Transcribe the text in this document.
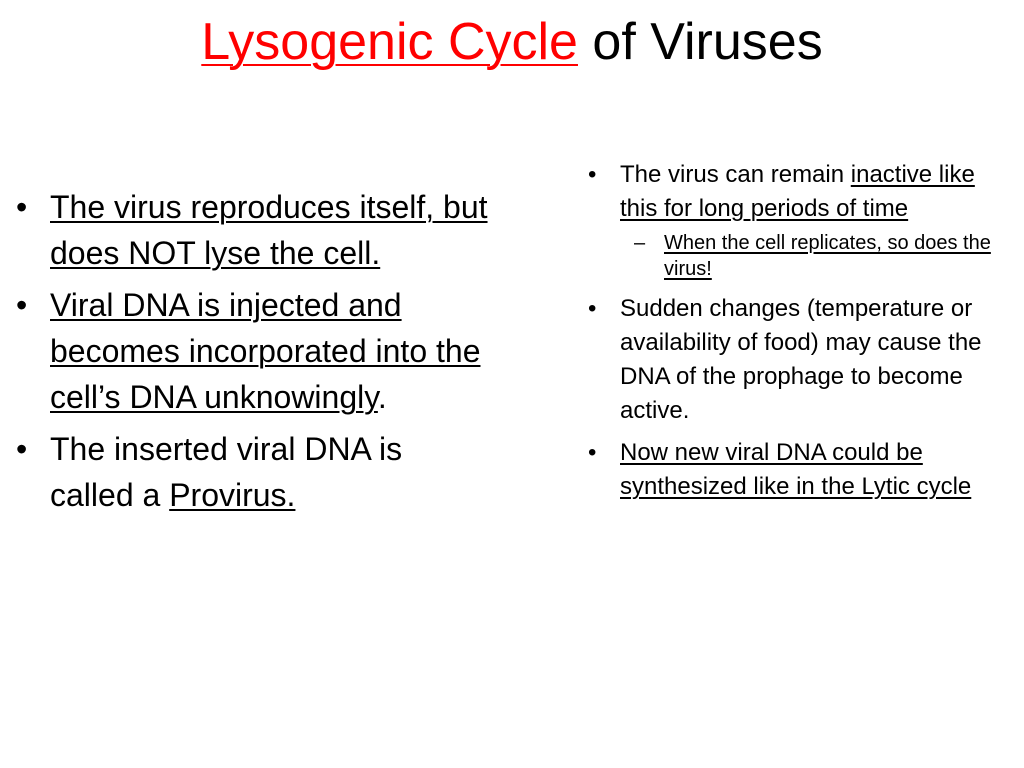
Lysogenic Cycle of Viruses
• The virus reproduces itself, but does NOT lyse the cell.
• Viral DNA is injected and becomes incorporated into the cell’s DNA unknowingly.
• The inserted viral DNA is called a Provirus.
• The virus can remain inactive like this for long periods of time
– When the cell replicates, so does the virus!
• Sudden changes (temperature or availability of food) may cause the DNA of the prophage to become active.
• Now new viral DNA could be synthesized like in the Lytic cycle
